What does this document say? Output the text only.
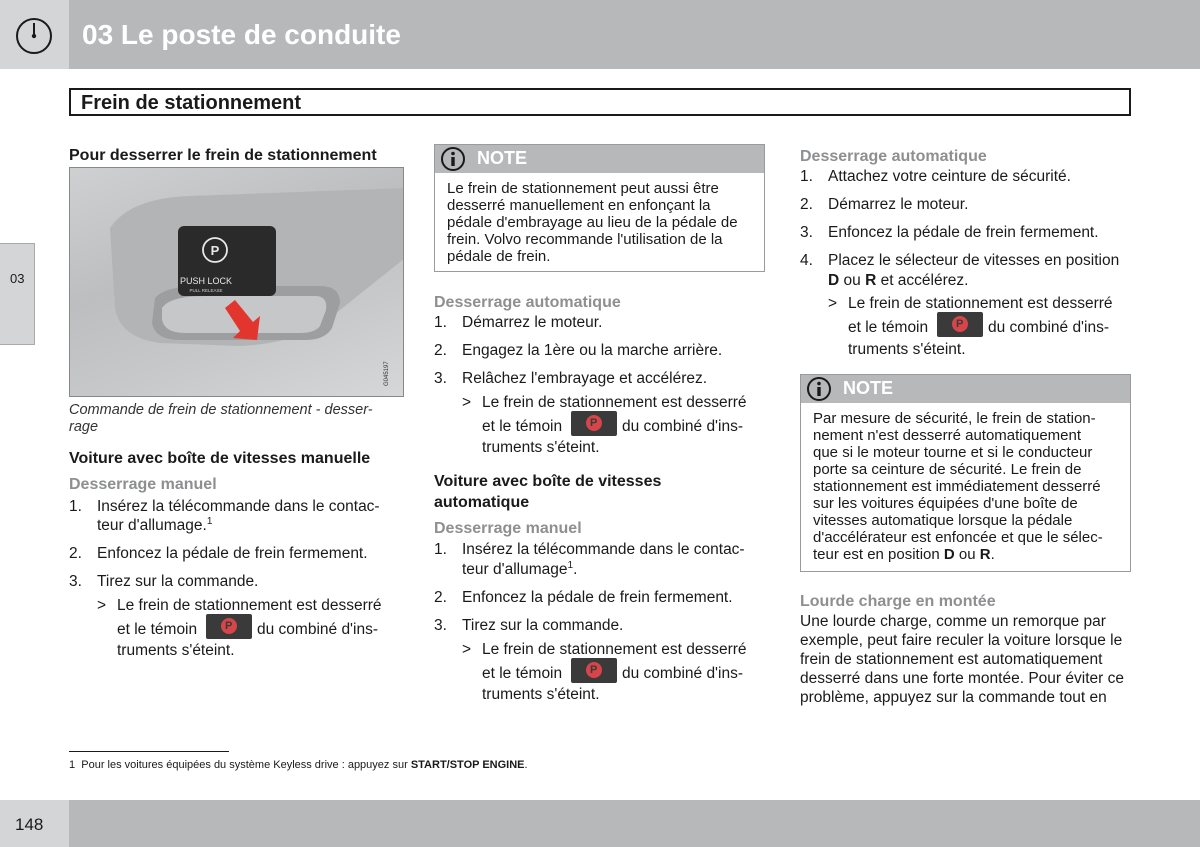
03 Le poste de conduite
Frein de stationnement
03
Pour desserrer le frein de stationnement
P
PUSH LOCK
PULL RELEASE
G045197
Commande de frein de stationnement - desser-
rage
Voiture avec boîte de vitesses manuelle
Desserrage manuel
1. Insérez la télécommande dans le contac-
teur d'allumage.$^1$
2. Enfoncez la pédale de frein fermement.
3. Tirez sur la commande.
> Le frein de stationnement est desserré
et le témoin	P du combiné d'ins-
truments s'éteint.
NOTE
Le frein de stationnement peut aussi être
desserré manuellement en enfonçant la
pédale d'embrayage au lieu de la pédale de
frein. Volvo recommande l'utilisation de la
pédale de frein.
Desserrage automatique
1. Démarrez le moteur.
2. Engagez la 1ère ou la marche arrière.
3. Relâchez l'embrayage et accélérez.
> Le frein de stationnement est desserré
et le témoin	P du combiné d'ins-
truments s'éteint.
Voiture avec boîte de vitesses
automatique
Desserrage manuel
1. Insérez la télécommande dans le contac-
teur d'allumage$^1$.
2. Enfoncez la pédale de frein fermement.
3. Tirez sur la commande.
> Le frein de stationnement est desserré
et le témoin	P du combiné d'ins-
truments s'éteint.
Desserrage automatique
1. Attachez votre ceinture de sécurité.
2. Démarrez le moteur.
3. Enfoncez la pédale de frein fermement.
4. Placez le sélecteur de vitesses en position
D ou R et accélérez.
> Le frein de stationnement est desserré
et le témoin	P du combiné d'ins-
truments s'éteint.
NOTE
Par mesure de sécurité, le frein de station-
nement n'est desserré automatiquement
que si le moteur tourne et si le conducteur
porte sa ceinture de sécurité. Le frein de
stationnement est immédiatement desserré
sur les voitures équipées d'une boîte de
vitesses automatique lorsque la pédale
d'accélérateur est enfoncée et que le sélec-
teur est en position D ou R.
Lourde charge en montée
Une lourde charge, comme un remorque par
exemple, peut faire reculer la voiture lorsque le
frein de stationnement est automatiquement
desserré dans une forte montée. Pour éviter ce
problème, appuyez sur la commande tout en
1 Pour les voitures équipées du système Keyless drive : appuyez sur START/STOP ENGINE.
148
